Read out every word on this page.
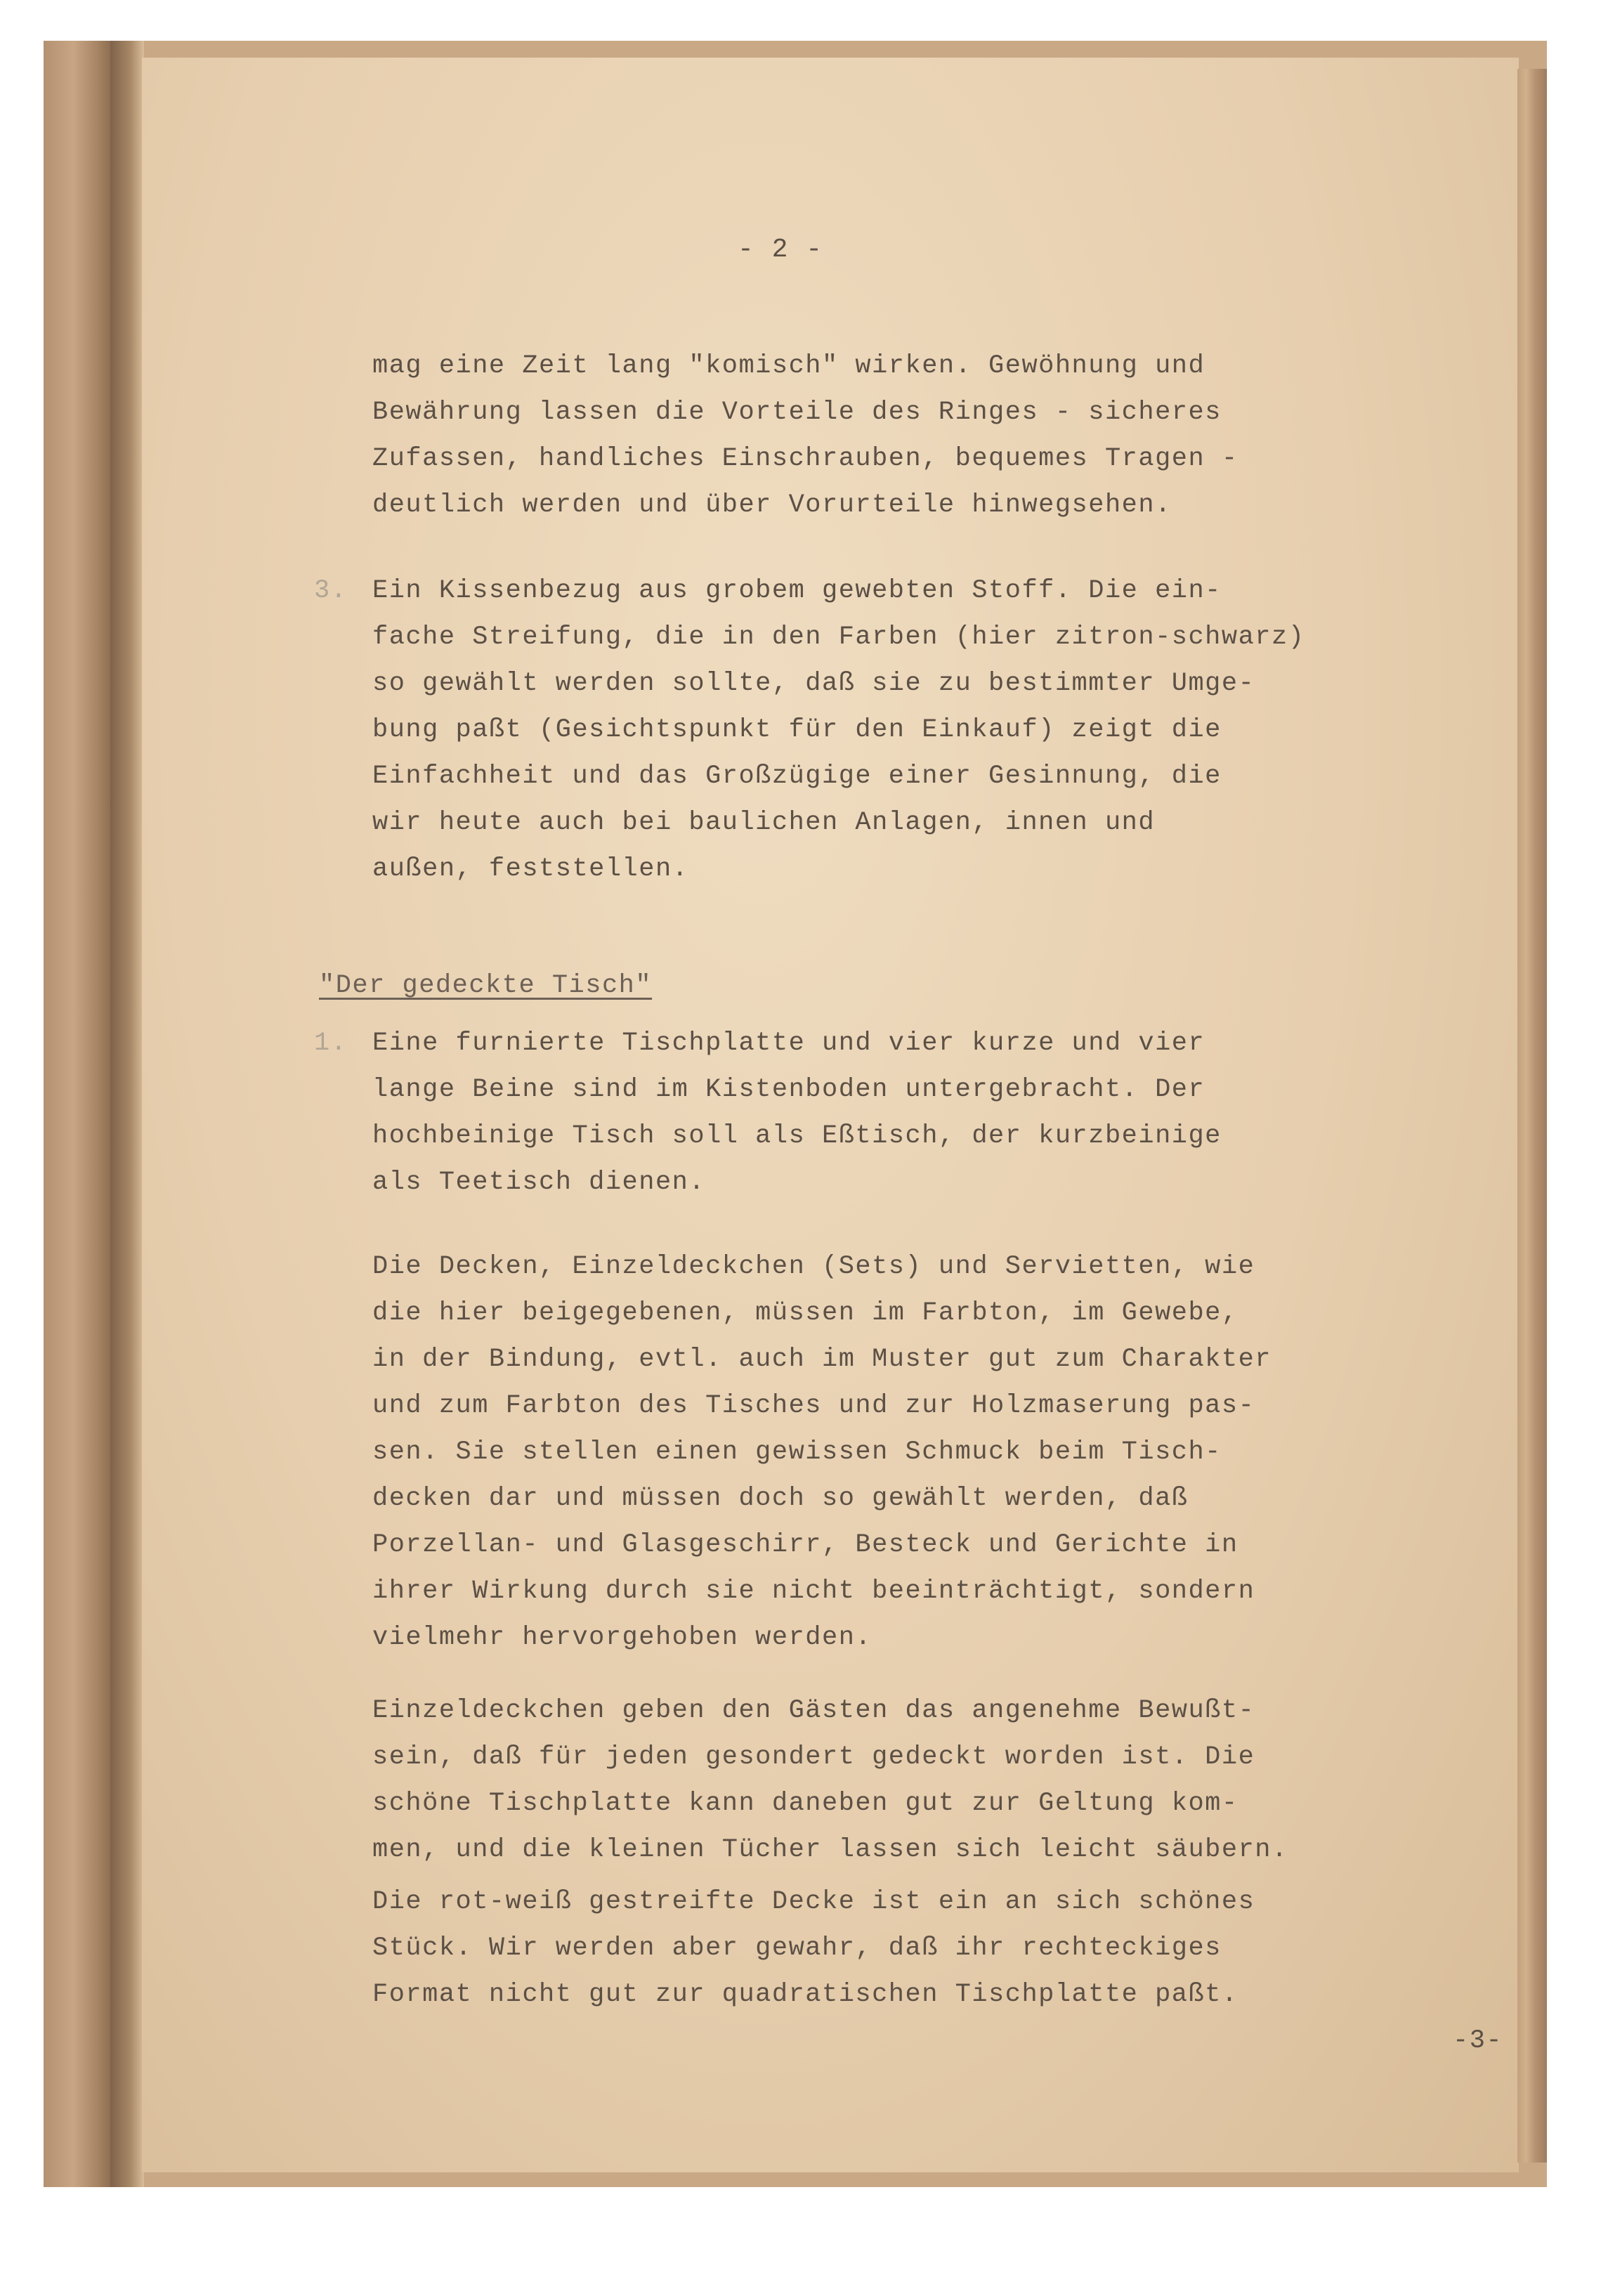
- 2 -
mag eine Zeit lang "komisch" wirken. Gewöhnung und
Bewährung lassen die Vorteile des Ringes - sicheres
Zufassen, handliches Einschrauben, bequemes Tragen -
deutlich werden und über Vorurteile hinwegsehen.
3. Ein Kissenbezug aus grobem gewebten Stoff. Die ein-
fache Streifung, die in den Farben (hier zitron-schwarz)
so gewählt werden sollte, daß sie zu bestimmter Umge-
bung paßt (Gesichtspunkt für den Einkauf) zeigt die
Einfachheit und das Großzügige einer Gesinnung, die
wir heute auch bei baulichen Anlagen, innen und
außen, feststellen.
"Der gedeckte Tisch"
1. Eine furnierte Tischplatte und vier kurze und vier
lange Beine sind im Kistenboden untergebracht. Der
hochbeinige Tisch soll als Eßtisch, der kurzbeinige
als Teetisch dienen.
Die Decken, Einzeldeckchen (Sets) und Servietten, wie
die hier beigegebenen, müssen im Farbton, im Gewebe,
in der Bindung, evtl. auch im Muster gut zum Charakter
und zum Farbton des Tisches und zur Holzmaserung pas-
sen. Sie stellen einen gewissen Schmuck beim Tisch-
decken dar und müssen doch so gewählt werden, daß
Porzellan- und Glasgeschirr, Besteck und Gerichte in
ihrer Wirkung durch sie nicht beeinträchtigt, sondern
vielmehr hervorgehoben werden.
Einzeldeckchen geben den Gästen das angenehme Bewußt-
sein, daß für jeden gesondert gedeckt worden ist. Die
schöne Tischplatte kann daneben gut zur Geltung kom-
men, und die kleinen Tücher lassen sich leicht säubern.
Die rot-weiß gestreifte Decke ist ein an sich schönes
Stück. Wir werden aber gewahr, daß ihr rechteckiges
Format nicht gut zur quadratischen Tischplatte paßt.
-3-
